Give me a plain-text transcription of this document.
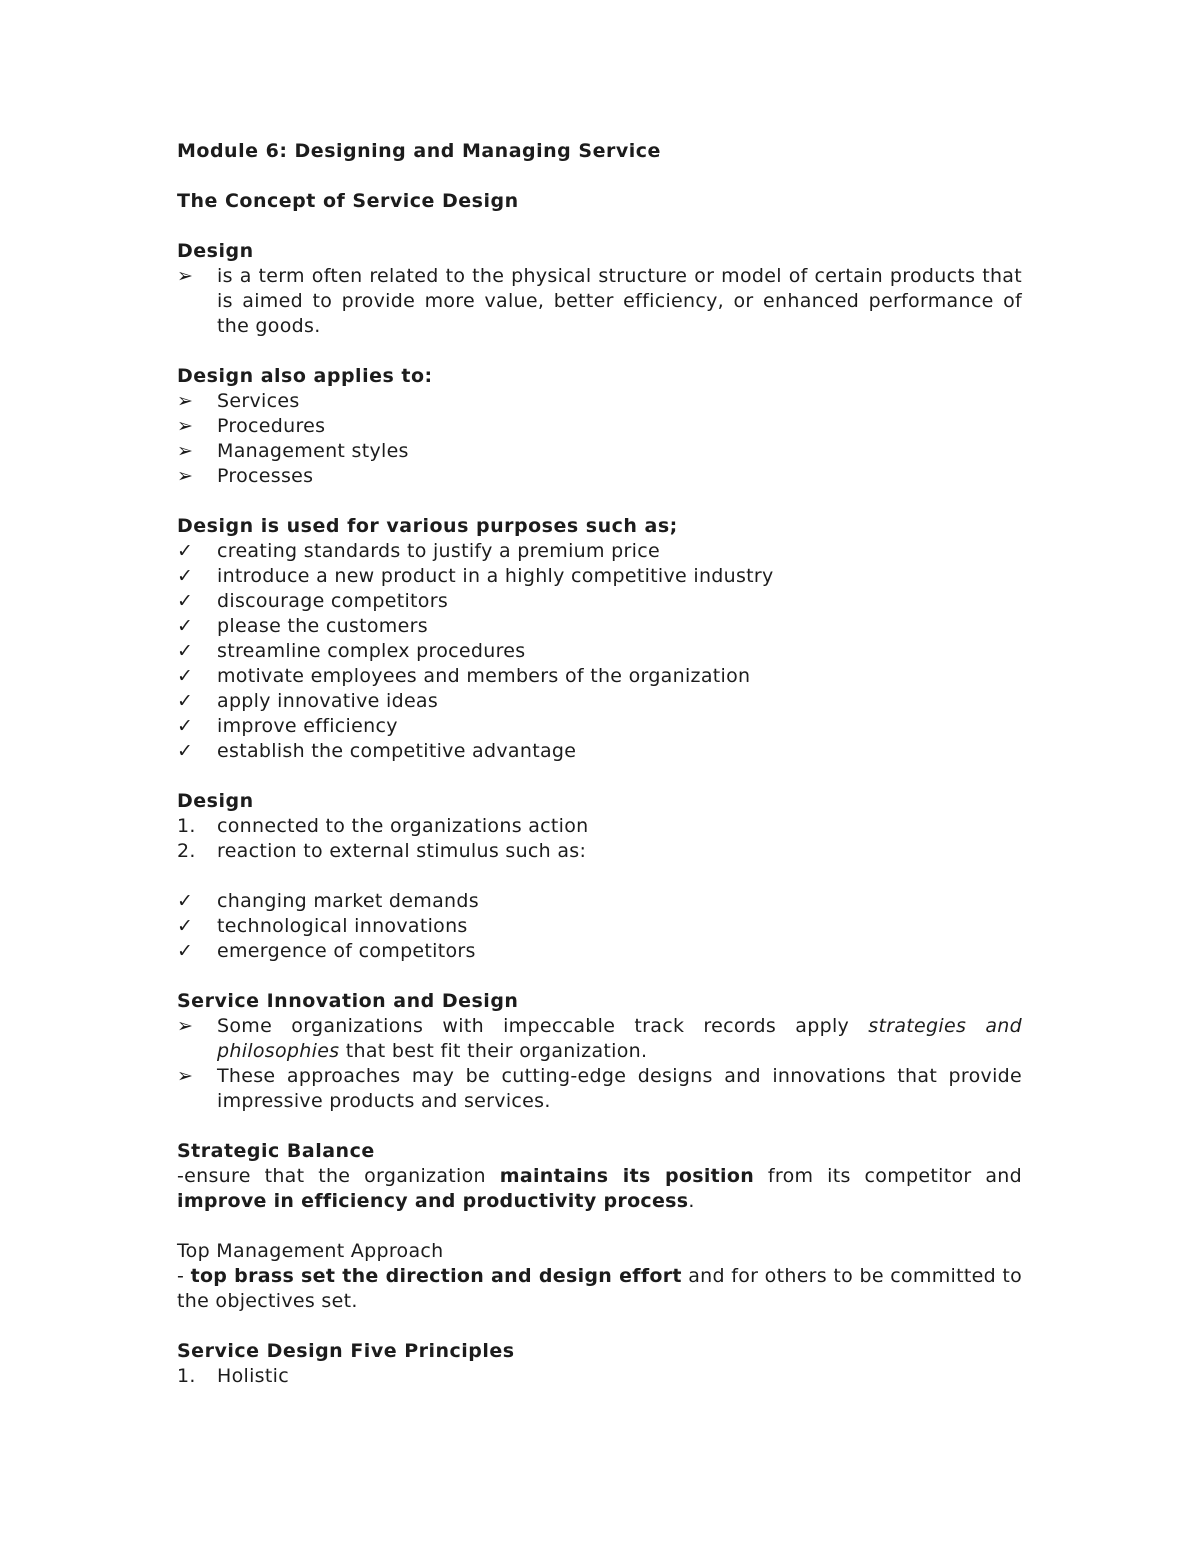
Module 6: Designing and Managing Service
The Concept of Service Design
Design
➢	is a term often related to the physical structure or model of certain products that is aimed to provide more value, better efficiency, or enhanced performance of the goods.
Design also applies to:
➢	Services
➢	Procedures
➢	Management styles
➢	Processes
Design is used for various purposes such as;
✓	creating standards to justify a premium price
✓	introduce a new product in a highly competitive industry
✓	discourage competitors
✓	please the customers
✓	streamline complex procedures
✓	motivate employees and members of the organization
✓	apply innovative ideas
✓	improve efficiency
✓	establish the competitive advantage
Design
1.	connected to the organizations action
2.	reaction to external stimulus such as:
✓	changing market demands
✓	technological innovations
✓	emergence of competitors
Service Innovation and Design
➢	Some organizations with impeccable track records apply strategies and philosophies that best fit their organization.
➢	These approaches may be cutting-edge designs and innovations that provide impressive products and services.
Strategic Balance
-ensure that the organization maintains its position from its competitor and improve in efficiency and productivity process.
Top Management Approach
- top brass set the direction and design effort and for others to be committed to the objectives set.
Service Design Five Principles
1.	Holistic
